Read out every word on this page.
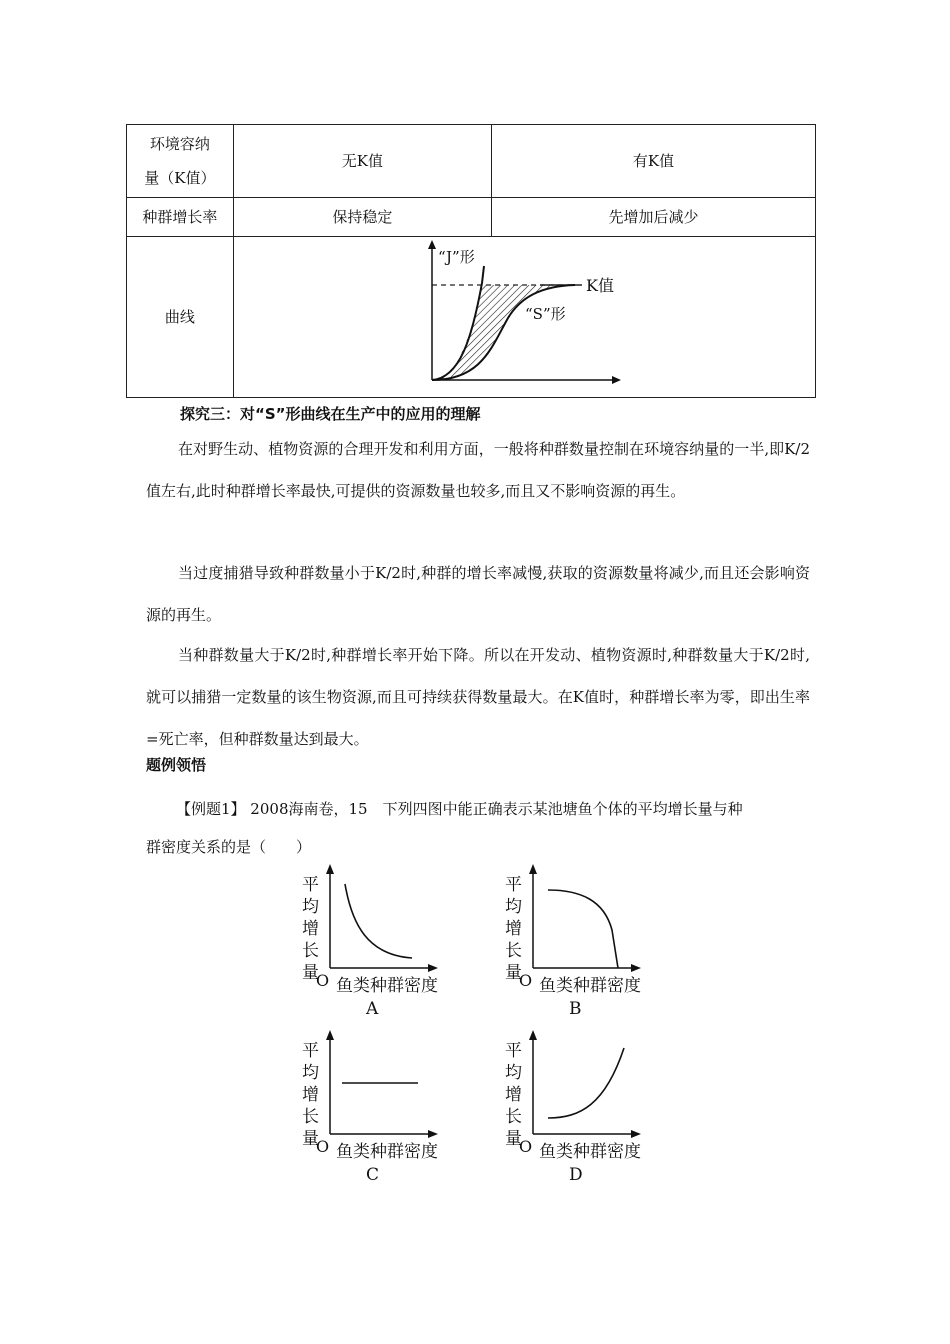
环境容纳
量（K值）	无K值	有K值
种群增长率	保持稳定	先增加后减少
曲线		
“J”形
K值
“S”形

探究三：对“S”形曲线在生产中的应用的理解

在对野生动、植物资源的合理开发和利用方面，一般将种群数量控制在环境容纳量的一半,即K/2值左右,此时种群增长率最快,可提供的资源数量也较多,而且又不影响资源的再生。

当过度捕猎导致种群数量小于K/2时,种群的增长率减慢,获取的资源数量将减少,而且还会影响资源的再生。

当种群数量大于K/2时,种群增长率开始下降。所以在开发动、植物资源时,种群数量大于K/2时,就可以捕猎一定数量的该生物资源,而且可持续获得数量最大。在K值时，种群增长率为零，即出生率=死亡率，但种群数量达到最大。

题例领悟

【例题1】 2008海南卷，15　下列四图中能正确表示某池塘鱼个体的平均增长量与种

群密度关系的是（　　）

平
均
增
长
量
O 鱼类种群密度
A
平
均
增
长
量
O 鱼类种群密度
B
平
均
增
长
量
O 鱼类种群密度
C
平
均
增
长
量
O 鱼类种群密度
D
